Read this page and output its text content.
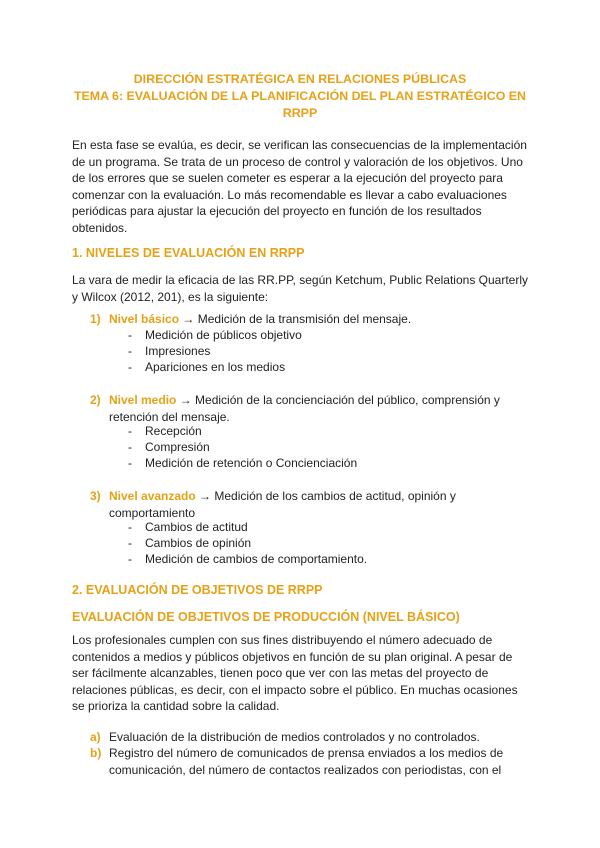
DIRECCIÓN ESTRATÉGICA EN RELACIONES PÚBLICAS
TEMA 6: EVALUACIÓN DE LA PLANIFICACIÓN DEL PLAN ESTRATÉGICO EN
RRPP
En esta fase se evalúa, es decir, se verifican las consecuencias de la implementación de un programa. Se trata de un proceso de control y valoración de los objetivos. Uno de los errores que se suelen cometer es esperar a la ejecución del proyecto para comenzar con la evaluación. Lo más recomendable es llevar a cabo evaluaciones periódicas para ajustar la ejecución del proyecto en función de los resultados obtenidos.
1. NIVELES DE EVALUACIÓN EN RRPP
La vara de medir la eficacia de las RR.PP, según Ketchum, Public Relations Quarterly y Wilcox (2012, 201), es la siguiente:
1) Nivel básico → Medición de la transmisión del mensaje.
- Medición de públicos objetivo
- Impresiones
- Apariciones en los medios
2) Nivel medio → Medición de la concienciación del público, comprensión y retención del mensaje.
- Recepción
- Compresión
- Medición de retención o Concienciación
3) Nivel avanzado → Medición de los cambios de actitud, opinión y comportamiento
- Cambios de actitud
- Cambios de opinión
- Medición de cambios de comportamiento.
2. EVALUACIÓN DE OBJETIVOS DE RRPP
EVALUACIÓN DE OBJETIVOS DE PRODUCCIÓN (NIVEL BÁSICO)
Los profesionales cumplen con sus fines distribuyendo el número adecuado de contenidos a medios y públicos objetivos en función de su plan original. A pesar de ser fácilmente alcanzables, tienen poco que ver con las metas del proyecto de relaciones públicas, es decir, con el impacto sobre el público. En muchas ocasiones se prioriza la cantidad sobre la calidad.
a) Evaluación de la distribución de medios controlados y no controlados.
b) Registro del número de comunicados de prensa enviados a los medios de comunicación, del número de contactos realizados con periodistas, con el
